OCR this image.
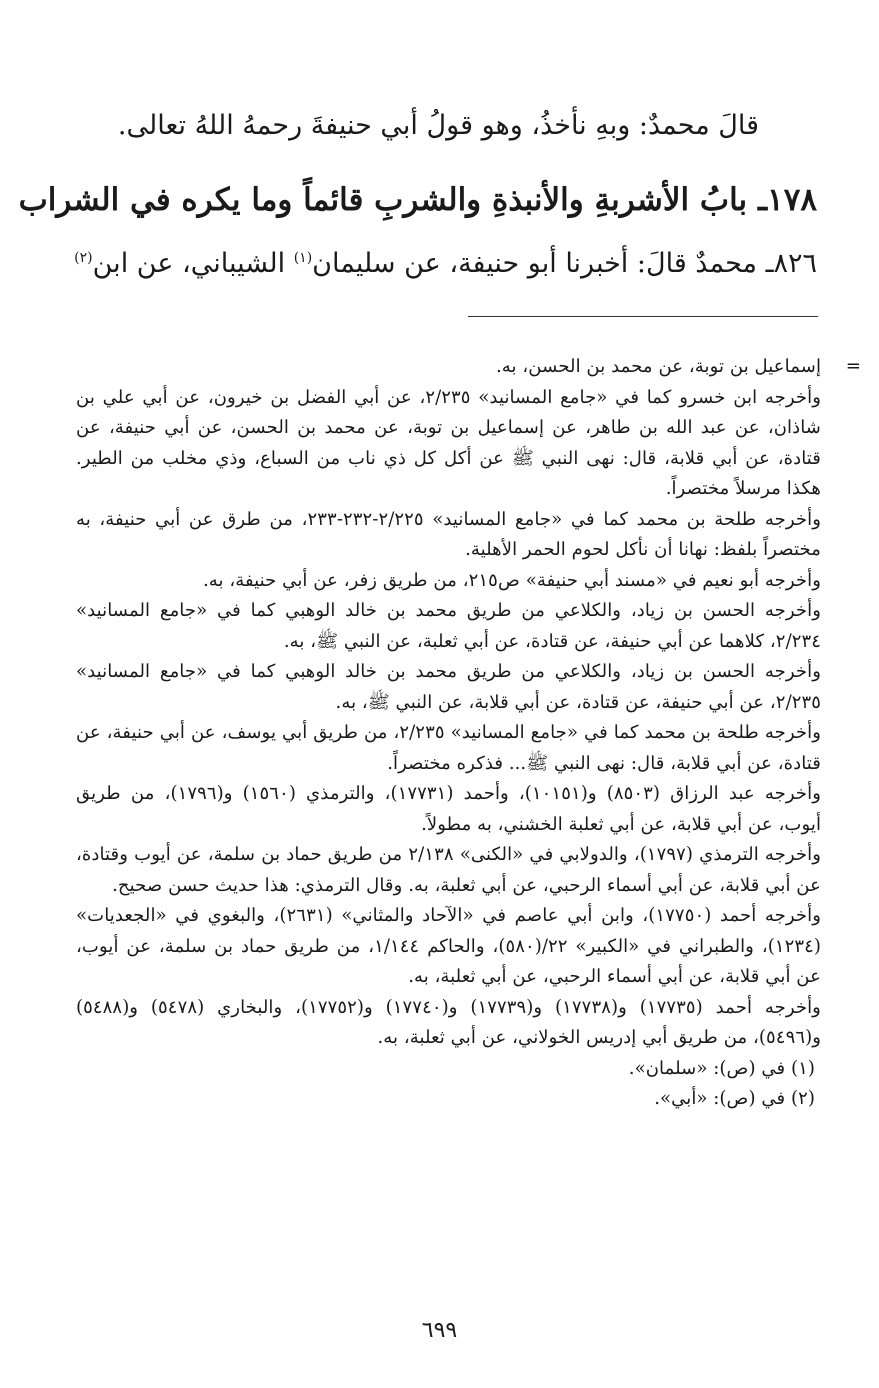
قالَ محمدٌ: وبهِ نأخذُ، وهو قولُ أبي حنيفةَ رحمهُ اللهُ تعالى.
١٧٨ـ بابُ الأشربةِ والأنبذةِ والشربِ قائماً وما يكره في الشراب
٨٢٦ـ محمدٌ قالَ: أخبرنا أبو حنيفة، عن سليمان$^{(١)}$ الشيباني، عن ابن$^{(٢)}$

=
إسماعيل بن توبة، عن محمد بن الحسن، به.

وأخرجه ابن خسرو كما في «جامع المسانيد» ٢/٢٣٥، عن أبي الفضل بن خيرون، عن أبي علي بن شاذان، عن عبد الله بن طاهر، عن إسماعيل بن توبة، عن محمد بن الحسن، عن أبي حنيفة، عن قتادة، عن أبي قلابة، قال: نهى النبي ﷺ عن أكل كل ذي ناب من السباع، وذي مخلب من الطير. هكذا مرسلاً مختصراً.

وأخرجه طلحة بن محمد كما في «جامع المسانيد» ٢/٢٢٥-٢٣٢-٢٣٣، من طرق عن أبي حنيفة، به مختصراً بلفظ: نهانا أن نأكل لحوم الحمر الأهلية.

وأخرجه أبو نعيم في «مسند أبي حنيفة» ص٢١٥، من طريق زفر، عن أبي حنيفة، به.

وأخرجه الحسن بن زياد، والكلاعي من طريق محمد بن خالد الوهبي كما في «جامع المسانيد» ٢/٢٣٤، كلاهما عن أبي حنيفة، عن قتادة، عن أبي ثعلبة، عن النبي ﷺ، به.

وأخرجه الحسن بن زياد، والكلاعي من طريق محمد بن خالد الوهبي كما في «جامع المسانيد» ٢/٢٣٥، عن أبي حنيفة، عن قتادة، عن أبي قلابة، عن النبي ﷺ، به.

وأخرجه طلحة بن محمد كما في «جامع المسانيد» ٢/٢٣٥، من طريق أبي يوسف، عن أبي حنيفة، عن قتادة، عن أبي قلابة، قال: نهى النبي ﷺ... فذكره مختصراً.

وأخرجه عبد الرزاق (٨٥٠٣) و(١٠١٥١)، وأحمد (١٧٧٣١)، والترمذي (١٥٦٠) و(١٧٩٦)، من طريق أيوب، عن أبي قلابة، عن أبي ثعلبة الخشني، به مطولاً.

وأخرجه الترمذي (١٧٩٧)، والدولابي في «الكنى» ٢/١٣٨ من طريق حماد بن سلمة، عن أيوب وقتادة، عن أبي قلابة، عن أبي أسماء الرحبي، عن أبي ثعلبة، به. وقال الترمذي: هذا حديث حسن صحيح.

وأخرجه أحمد (١٧٧٥٠)، وابن أبي عاصم في «الآحاد والمثاني» (٢٦٣١)، والبغوي في «الجعديات» (١٢٣٤)، والطبراني في «الكبير» ٢٢/(٥٨٠)، والحاكم ١/١٤٤، من طريق حماد بن سلمة، عن أيوب، عن أبي قلابة، عن أبي أسماء الرحبي، عن أبي ثعلبة، به.

وأخرجه أحمد (١٧٧٣٥) و(١٧٧٣٨) و(١٧٧٣٩) و(١٧٧٤٠) و(١٧٧٥٢)، والبخاري (٥٤٧٨) و(٥٤٨٨) و(٥٤٩٦)، من طريق أبي إدريس الخولاني، عن أبي ثعلبة، به.

(١) في (ص): «سلمان».

(٢) في (ص): «أبي».

٦٩٩
